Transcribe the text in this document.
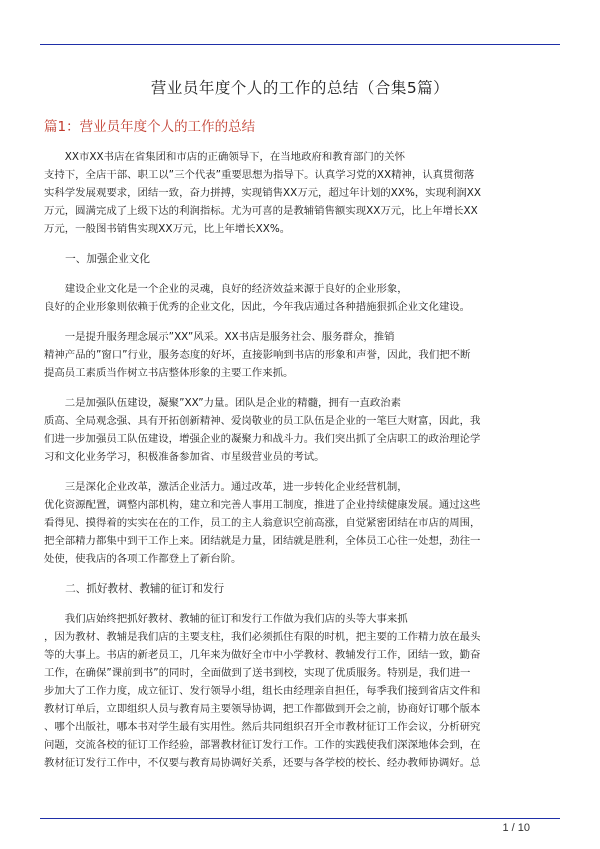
营业员年度个人的工作的总结（合集5篇）
篇1：营业员年度个人的工作的总结
　　XX市XX书店在省集团和市店的正确领导下，在当地政府和教育部门的关怀
支持下，全店干部、职工以”三个代表”重要思想为指导下。认真学习党的XX精神，认真贯彻落
实科学发展观要求，团结一致，奋力拼搏，实现销售XX万元，超过年计划的XX%，实现利润XX
万元，圆满完成了上级下达的利润指标。尤为可喜的是教辅销售额实现XX万元，比上年增长XX
万元，一般图书销售实现XX万元，比上年增长XX%。
　　一、加强企业文化
　　建设企业文化是一个企业的灵魂，良好的经济效益来源于良好的企业形象，
良好的企业形象则依赖于优秀的企业文化，因此，今年我店通过各种措施狠抓企业文化建设。
　　一是提升服务理念展示”XX”风采。XX书店是服务社会、服务群众，推销
精神产品的”窗口”行业，服务态度的好坏，直接影响到书店的形象和声誉，因此，我们把不断
提高员工素质当作树立书店整体形象的主要工作来抓。
　　二是加强队伍建设，凝聚”XX”力量。团队是企业的精髓，拥有一直政治素
质高、全局观念强、具有开拓创新精神、爱岗敬业的员工队伍是企业的一笔巨大财富，因此，我
们进一步加强员工队伍建设，增强企业的凝聚力和战斗力。我们突出抓了全店职工的政治理论学
习和文化业务学习，积极准备参加省、市星级营业员的考试。
　　三是深化企业改革，激活企业活力。通过改革，进一步转化企业经营机制，
优化资源配置，调整内部机构，建立和完善人事用工制度，推进了企业持续健康发展。通过这些
看得见、摸得着的实实在在的工作，员工的主人翁意识空前高涨，自觉紧密团结在市店的周围，
把全部精力都集中到干工作上来。团结就是力量，团结就是胜利，全体员工心往一处想，劲往一
处使，使我店的各项工作都登上了新台阶。
　　二、抓好教材、教辅的征订和发行
　　我们店始终把抓好教材、教辅的征订和发行工作做为我们店的头等大事来抓
，因为教材、教辅是我们店的主要支柱，我们必须抓住有限的时机，把主要的工作精力放在最头
等的大事上。书店的新老员工，几年来为做好全市中小学教材、教辅发行工作，团结一致，勤奋
工作，在确保”课前到书”的同时，全面做到了送书到校，实现了优质服务。特别是，我们进一
步加大了工作力度，成立征订、发行领导小组，组长由经理亲自担任，每季我们接到省店文件和
教材订单后，立即组织人员与教育局主要领导协调，把工作都做到开会之前，协商好订哪个版本
、哪个出版社，哪本书对学生最有实用性。然后共同组织召开全市教材征订工作会议，分析研究
问题，交流各校的征订工作经验，部署教材征订发行工作。工作的实践使我们深深地体会到，在
教材征订发行工作中，不仅要与教育局协调好关系，还要与各学校的校长、经办教师协调好。总
1 / 10
